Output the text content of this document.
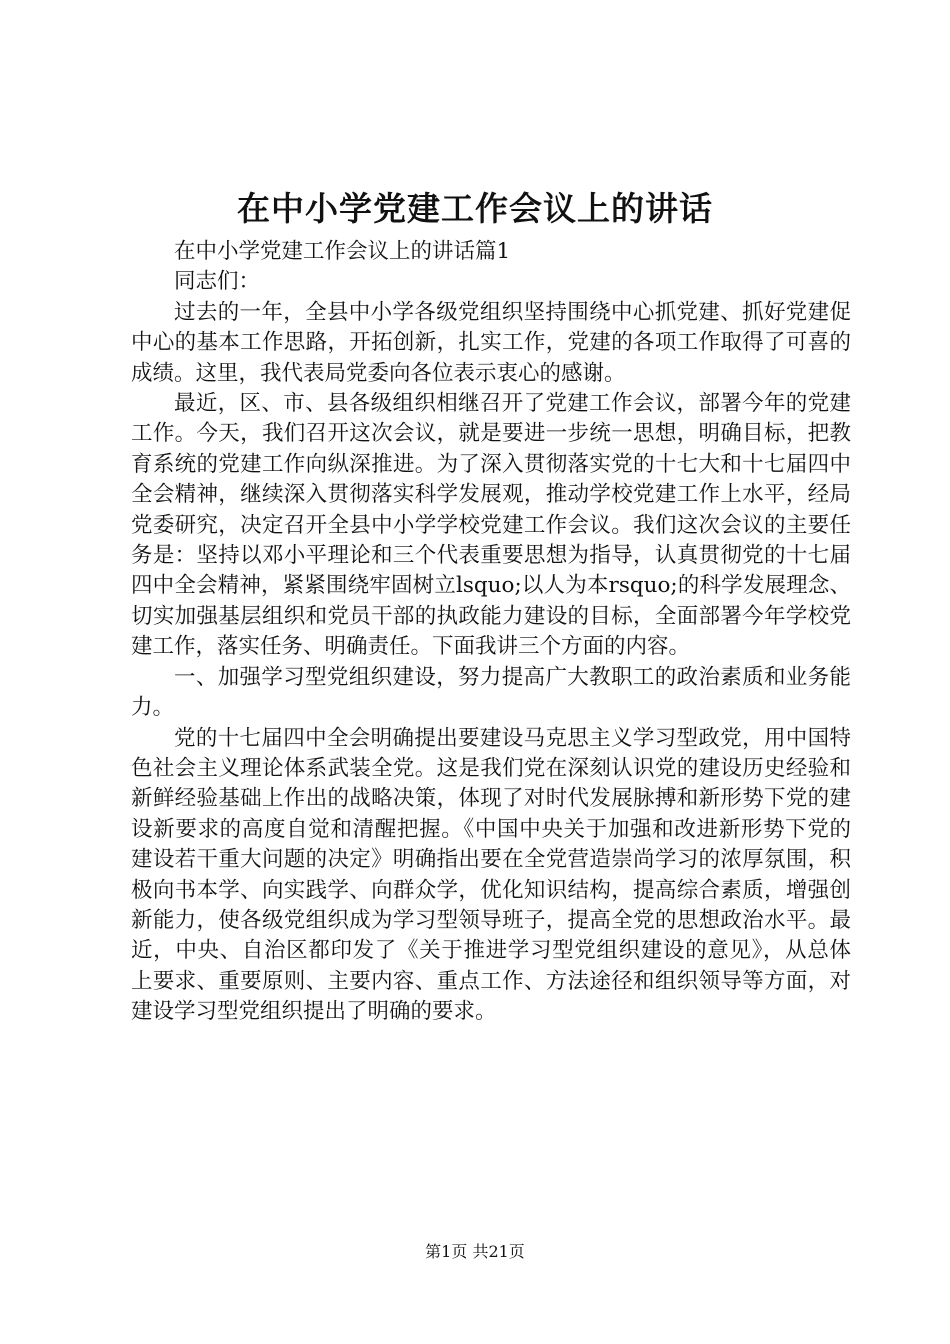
在中小学党建工作会议上的讲话

在中小学党建工作会议上的讲话篇1

同志们：

过去的一年，全县中小学各级党组织坚持围绕中心抓党建、抓好党建促中心的基本工作思路，开拓创新，扎实工作，党建的各项工作取得了可喜的成绩。这里，我代表局党委向各位表示衷心的感谢。

最近，区、市、县各级组织相继召开了党建工作会议，部署今年的党建工作。今天，我们召开这次会议，就是要进一步统一思想，明确目标，把教育系统的党建工作向纵深推进。为了深入贯彻落实党的十七大和十七届四中全会精神，继续深入贯彻落实科学发展观，推动学校党建工作上水平，经局党委研究，决定召开全县中小学学校党建工作会议。我们这次会议的主要任务是：坚持以邓小平理论和三个代表重要思想为指导，认真贯彻党的十七届四中全会精神，紧紧围绕牢固树立lsquo;以人为本rsquo;的科学发展理念、切实加强基层组织和党员干部的执政能力建设的目标，全面部署今年学校党建工作，落实任务、明确责任。下面我讲三个方面的内容。

一、加强学习型党组织建设，努力提高广大教职工的政治素质和业务能力。

党的十七届四中全会明确提出要建设马克思主义学习型政党，用中国特色社会主义理论体系武装全党。这是我们党在深刻认识党的建设历史经验和新鲜经验基础上作出的战略决策，体现了对时代发展脉搏和新形势下党的建设新要求的高度自觉和清醒把握。《中国中央关于加强和改进新形势下党的建设若干重大问题的决定》明确指出要在全党营造崇尚学习的浓厚氛围，积极向书本学、向实践学、向群众学，优化知识结构，提高综合素质，增强创新能力，使各级党组织成为学习型领导班子，提高全党的思想政治水平。最近，中央、自治区都印发了《关于推进学习型党组织建设的意见》，从总体上要求、重要原则、主要内容、重点工作、方法途径和组织领导等方面，对建设学习型党组织提出了明确的要求。

第1页 共21页
